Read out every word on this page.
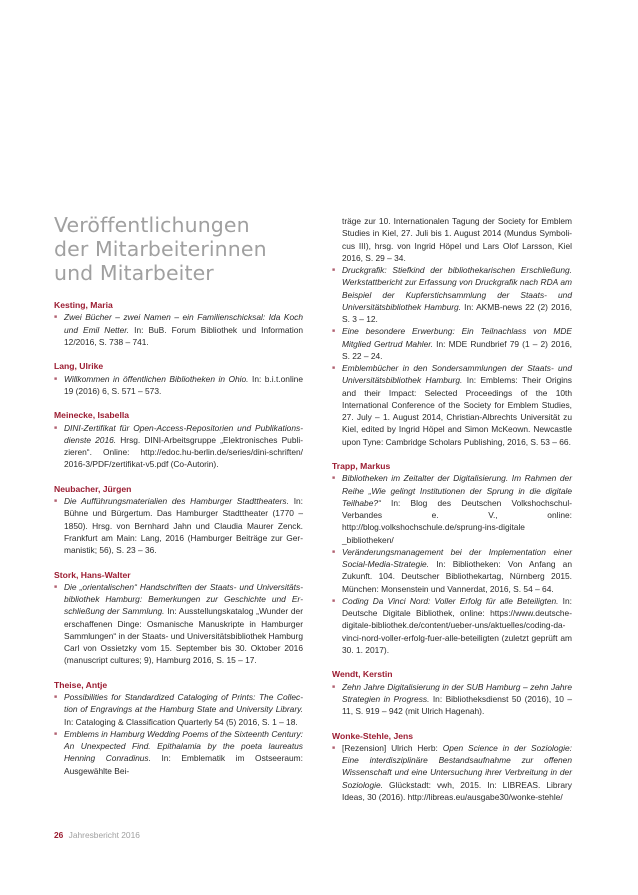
Veröffentlichungen
der Mitarbeiterinnen
und Mitarbeiter

Kesting, Maria

■ Zwei Bücher – zwei Namen – ein Familienschicksal: Ida Koch und Emil Netter. In: BuB. Forum Bibliothek und Information 12/2016, S. 738 – 741.

Lang, Ulrike

■ Willkommen in öffentlichen Bibliotheken in Ohio. In: b.i.t.online 19 (2016) 6, S. 571 – 573.

Meinecke, Isabella

■ DINI-Zertifikat für Open-Access-Repositorien und Publikationsdienste 2016. Hrsg. DINI-Arbeitsgruppe „Elektronisches Publizieren“. Online: http://edoc.hu-berlin.de/series/dini-schriften/ 2016-3/PDF/zertifikat-v5.pdf (Co-Autorin).

Neubacher, Jürgen

■ Die Aufführungsmaterialien des Hamburger Stadttheaters. In: Bühne und Bürgertum. Das Hamburger Stadttheater (1770 – 1850). Hrsg. von Bernhard Jahn und Claudia Maurer Zenck. Frankfurt am Main: Lang, 2016 (Hamburger Beiträge zur Germanistik; 56), S. 23 – 36.

Stork, Hans-Walter

■ Die „orientalischen“ Handschriften der Staats- und Universitätsbibliothek Hamburg: Bemerkungen zur Geschichte und Erschließung der Sammlung. In: Ausstellungskatalog „Wunder der erschaffenen Dinge: Osmanische Manuskripte in Hamburger Sammlungen“ in der Staats- und Universitätsbibliothek Hamburg Carl von Ossietzky vom 15. September bis 30. Oktober 2016 (manuscript cultures; 9), Hamburg 2016, S. 15 – 17.

Theise, Antje

■ Possibilities for Standardized Cataloging of Prints: The Collection of Engravings at the Hamburg State and University Library. In: Cataloging & Classification Quarterly 54 (5) 2016, S. 1 – 18.
■ Emblems in Hamburg Wedding Poems of the Sixteenth Century: An Unexpected Find. Epithalamia by the poeta laureatus Henning Conradinus. In: Emblematik im Ostseeraum: Ausgewählte Bei-
träge zur 10. Internationalen Tagung der Society for Emblem Studies in Kiel, 27. Juli bis 1. August 2014 (Mundus Symbolicus III), hrsg. von Ingrid Höpel und Lars Olof Larsson, Kiel 2016, S. 29 – 34.
■ Druckgrafik: Stiefkind der bibliothekarischen Erschließung. Werkstattbericht zur Erfassung von Druckgrafik nach RDA am Beispiel der Kupferstichsammlung der Staats- und Universitätsbibliothek Hamburg. In: AKMB-news 22 (2) 2016, S. 3 – 12.
■ Eine besondere Erwerbung: Ein Teilnachlass von MDE Mitglied Gertrud Mahler. In: MDE Rundbrief 79 (1 – 2) 2016, S. 22 – 24.
■ Emblembücher in den Sondersammlungen der Staats- und Universitätsbibliothek Hamburg. In: Emblems: Their Origins and their Impact: Selected Proceedings of the 10th International Conference of the Society for Emblem Studies, 27. July – 1. August 2014, Christian-Albrechts Universität zu Kiel, edited by Ingrid Höpel and Simon McKeown. Newcastle upon Tyne: Cambridge Scholars Publishing, 2016, S. 53 – 66.

Trapp, Markus

■ Bibliotheken im Zeitalter der Digitalisierung. Im Rahmen der Reihe „Wie gelingt Institutionen der Sprung in die digitale Teilhabe?“ In: Blog des Deutschen Volkshochschul-Verbandes e. V., online: http://blog.volkshochschule.de/sprung-ins-digitale _bibliotheken/
■ Veränderungsmanagement bei der Implementation einer Social-Media-Strategie. In: Bibliotheken: Von Anfang an Zukunft. 104. Deutscher Bibliothekartag, Nürnberg 2015. München: Monsenstein und Vannerdat, 2016, S. 54 – 64.
■ Coding Da Vinci Nord: Voller Erfolg für alle Beteiligten. In: Deutsche Digitale Bibliothek, online: https://www.deutsche-digitale-bibliothek.de/content/ueber-uns/aktuelles/coding-da-vinci-nord-voller-erfolg-fuer-alle-beteiligten (zuletzt geprüft am 30. 1. 2017).

Wendt, Kerstin

■ Zehn Jahre Digitalisierung in der SUB Hamburg – zehn Jahre Strategien in Progress. In: Bibliotheksdienst 50 (2016), 10 – 11, S. 919 – 942 (mit Ulrich Hagenah).

Wonke-Stehle, Jens

■ [Rezension] Ulrich Herb: Open Science in der Soziologie: Eine interdisziplinäre Bestandsaufnahme zur offenen Wissenschaft und eine Untersuchung ihrer Verbreitung in der Soziologie. Glückstadt: vwh, 2015. In: LIBREAS. Library Ideas, 30 (2016). http://libreas.eu/ausgabe30/wonke-stehle/
26 Jahresbericht 2016
